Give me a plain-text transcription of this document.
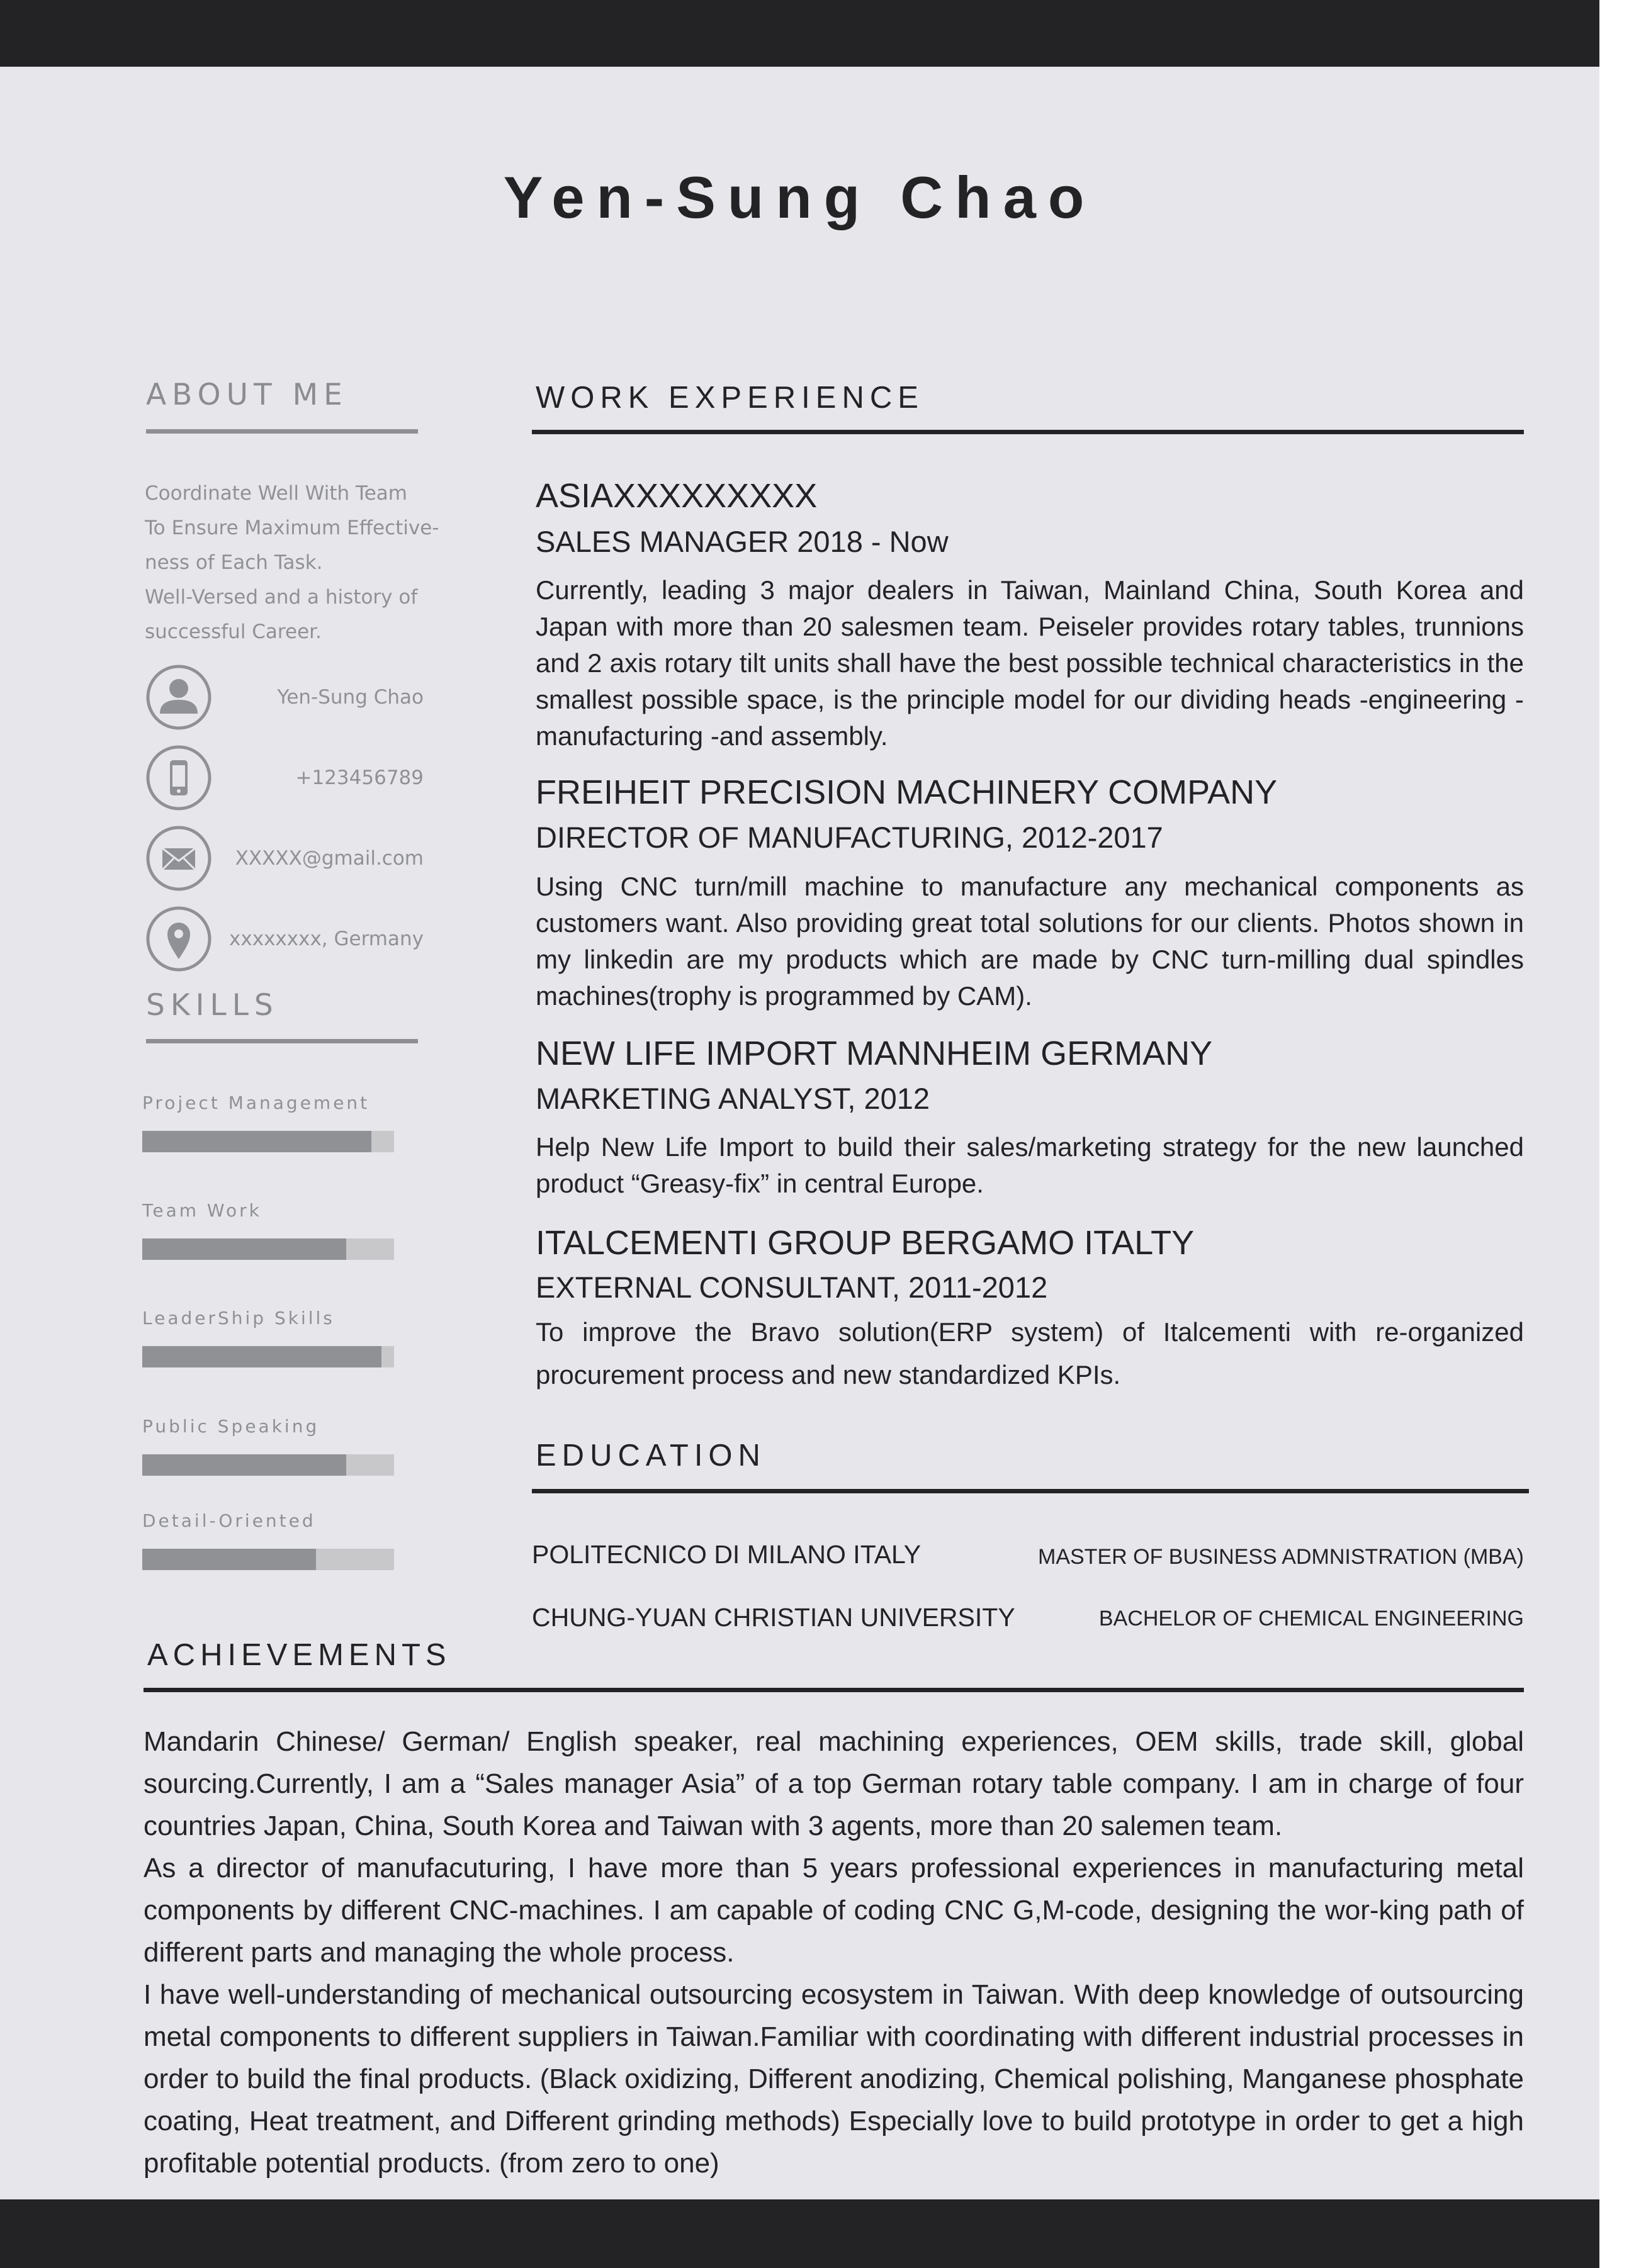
Yen-Sung Chao
ABOUT ME
Coordinate Well With Team
To Ensure Maximum Effective-
ness of Each Task.
Well-Versed and a history of
successful Career.
Yen-Sung Chao
+123456789
XXXXX@gmail.com
xxxxxxxx, Germany
SKILLS
Project Management
Team Work
LeaderShip Skills
Public Speaking
Detail-Oriented
WORK EXPERIENCE
ASIAXXXXXXXXX
SALES MANAGER 2018 - Now
Currently, leading 3 major dealers in Taiwan, Mainland China, South Korea and Japan with more than 20 salesmen team. Peiseler provides rotary tables, trunnions and 2 axis rotary tilt units shall have the best possible technical characteristics in the smallest possible space, is the principle model for our dividing heads -engineering -manufacturing -and assembly.
FREIHEIT PRECISION MACHINERY COMPANY
DIRECTOR OF MANUFACTURING, 2012-2017
Using CNC turn/mill machine to manufacture any mechanical components as customers want. Also providing great total solutions for our clients. Photos shown in my linkedin are my products which are made by CNC turn-milling dual spindles machines(trophy is programmed by CAM).
NEW LIFE IMPORT MANNHEIM GERMANY
MARKETING ANALYST, 2012
Help New Life Import to build their sales/marketing strategy for the new launched product “Greasy-fix” in central Europe.
ITALCEMENTI GROUP BERGAMO ITALTY
EXTERNAL CONSULTANT, 2011-2012
To improve the Bravo solution(ERP system) of Italcementi with re-organized procurement process and new standardized KPIs.
EDUCATION
POLITECNICO DI MILANO ITALY	MASTER OF BUSINESS ADMNISTRATION (MBA)
CHUNG-YUAN CHRISTIAN UNIVERSITY	BACHELOR OF CHEMICAL ENGINEERING
ACHIEVEMENTS

Mandarin Chinese/ German/ English speaker, real machining experiences, OEM skills, trade skill, global sourcing.Currently, I am a “Sales manager Asia” of a top German rotary table company. I am in charge of four countries Japan, China, South Korea and Taiwan with 3 agents, more than 20 salemen team.

As a director of manufacuturing, I have more than 5 years professional experiences in manufacturing metal components by different CNC-machines. I am capable of coding CNC G,M-code, designing the wor-king path of different parts and managing the whole process.

I have well-understanding of mechanical outsourcing ecosystem in Taiwan. With deep knowledge of outsourcing metal components to different suppliers in Taiwan.Familiar with coordinating with different industrial processes in order to build the final products. (Black oxidizing, Different anodizing, Chemical polishing, Manganese phosphate coating, Heat treatment, and Different grinding methods) Especially love to build prototype in order to get a high profitable potential products. (from zero to one)
